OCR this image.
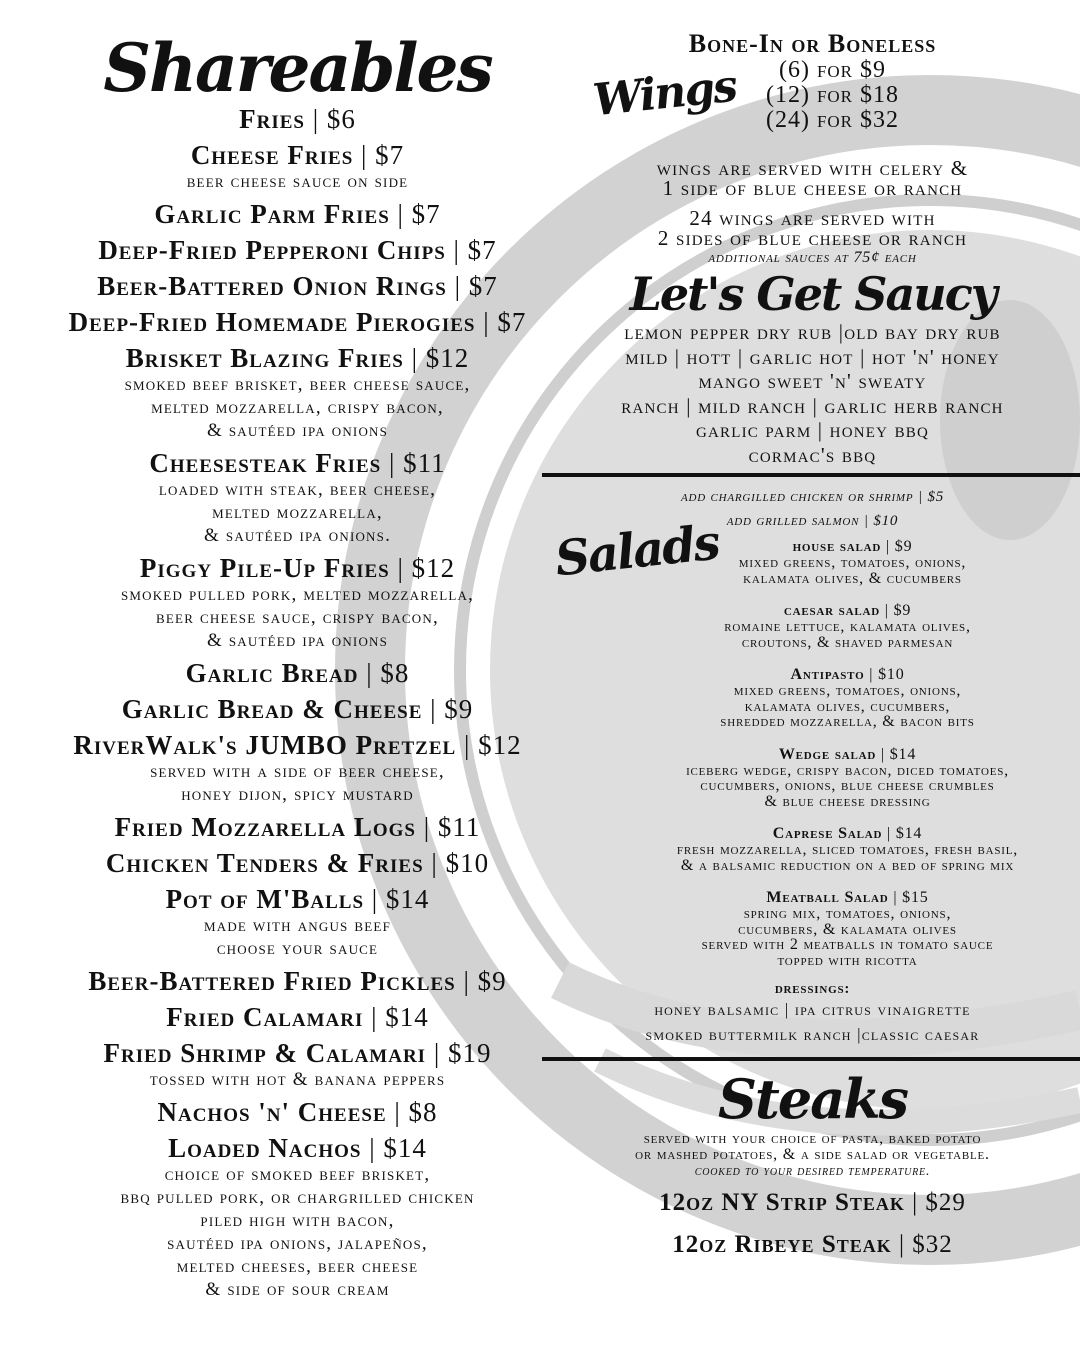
Shareables
Fries | $6
Cheese Fries | $7
beer cheese sauce on side
Garlic Parm Fries | $7
Deep-Fried Pepperoni Chips | $7
Beer-Battered Onion Rings | $7
Deep-Fried Homemade Pierogies | $7
Brisket Blazing Fries | $12
smoked beef brisket, beer cheese sauce,
melted mozzarella, crispy bacon,
& sautéed ipa onions
Cheesesteak Fries | $11
loaded with steak, beer cheese,
melted mozzarella,
& sautéed ipa onions.
Piggy Pile-Up Fries | $12
smoked pulled pork, melted mozzarella,
beer cheese sauce, crispy bacon,
& sautéed ipa onions
Garlic Bread | $8
Garlic Bread & Cheese | $9
RiverWalk's JUMBO Pretzel | $12
served with a side of beer cheese,
honey dijon, spicy mustard
Fried Mozzarella Logs | $11
Chicken Tenders & Fries | $10
Pot of M'Balls | $14
made with angus beef
choose your sauce
Beer-Battered Fried Pickles | $9
Fried Calamari | $14
Fried Shrimp & Calamari | $19
tossed with hot & banana peppers
Nachos 'n' Cheese | $8
Loaded Nachos | $14
choice of smoked beef brisket,
bbq pulled pork, or chargrilled chicken
piled high with bacon,
sautéed ipa onions, jalapeños,
melted cheeses, beer cheese
& side of sour cream
Bone-In or Boneless
(6) for $9
(12) for $18
(24) for $32
Wings
wings are served with celery &
1 side of blue cheese or ranch
24 wings are served with
2 sides of blue cheese or ranch
additional sauces at 75¢ each
Let's Get Saucy
lemon pepper dry rub |old bay dry rub
mild | hott | garlic hot | hot 'n' honey
mango sweet 'n' sweaty
ranch | mild ranch | garlic herb ranch
garlic parm | honey bbq
cormac's bbq
add chargilled chicken or shrimp | $5
add grilled salmon | $10
Salads	house salad | $9
mixed greens, tomatoes, onions,
kalamata olives, & cucumbers
caesar salad | $9
romaine lettuce, kalamata olives,
croutons, & shaved parmesan
Antipasto | $10
mixed greens, tomatoes, onions,
kalamata olives, cucumbers,
shredded mozzarella, & bacon bits
Wedge salad | $14
iceberg wedge, crispy bacon, diced tomatoes,
cucumbers, onions, blue cheese crumbles
& blue cheese dressing
Caprese Salad | $14
fresh mozzarella, sliced tomatoes, fresh basil,
& a balsamic reduction on a bed of spring mix
Meatball Salad | $15
spring mix, tomatoes, onions,
cucumbers, & kalamata olives
served with 2 meatballs in tomato sauce
topped with ricotta
dressings:
honey balsamic | ipa citrus vinaigrette
smoked buttermilk ranch |classic caesar
Steaks
served with your choice of pasta, baked potato
or mashed potatoes, & a side salad or vegetable.
cooked to your desired temperature.
12oz NY Strip Steak | $29
12oz Ribeye Steak | $32
